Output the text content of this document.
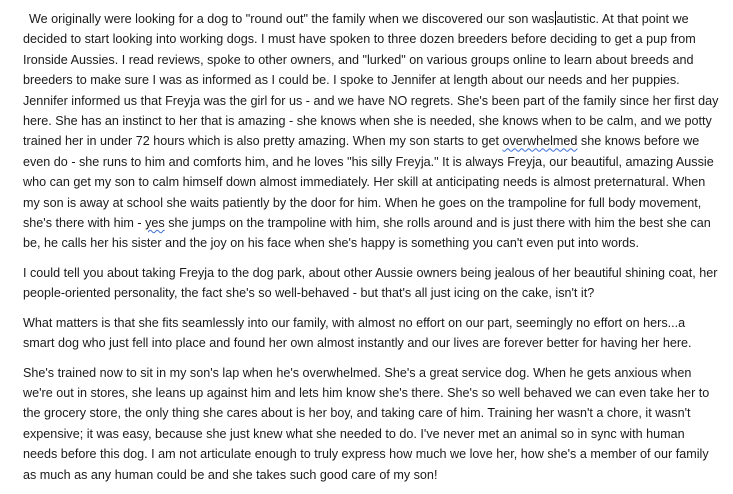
We originally were looking for a dog to "round out" the family when we discovered our son was autistic. At that point we decided to start looking into working dogs. I must have spoken to three dozen breeders before deciding to get a pup from Ironside Aussies. I read reviews, spoke to other owners, and "lurked" on various groups online to learn about breeds and breeders to make sure I was as informed as I could be. I spoke to Jennifer at length about our needs and her puppies. Jennifer informed us that Freyja was the girl for us - and we have NO regrets. She's been part of the family since her first day here. She has an instinct to her that is amazing - she knows when she is needed, she knows when to be calm, and we potty trained her in under 72 hours which is also pretty amazing. When my son starts to get overwhelmed she knows before we even do - she runs to him and comforts him, and he loves "his silly Freyja." It is always Freyja, our beautiful, amazing Aussie who can get my son to calm himself down almost immediately. Her skill at anticipating needs is almost preternatural. When my son is away at school she waits patiently by the door for him. When he goes on the trampoline for full body movement, she's there with him - yes she jumps on the trampoline with him, she rolls around and is just there with him the best she can be, he calls her his sister and the joy on his face when she's happy is something you can't even put into words.

I could tell you about taking Freyja to the dog park, about other Aussie owners being jealous of her beautiful shining coat, her people-oriented personality, the fact she's so well-behaved - but that's all just icing on the cake, isn't it?

What matters is that she fits seamlessly into our family, with almost no effort on our part, seemingly no effort on hers...a smart dog who just fell into place and found her own almost instantly and our lives are forever better for having her here.

She's trained now to sit in my son's lap when he's overwhelmed. She's a great service dog. When he gets anxious when we're out in stores, she leans up against him and lets him know she's there. She's so well behaved we can even take her to the grocery store, the only thing she cares about is her boy, and taking care of him. Training her wasn't a chore, it wasn't expensive; it was easy, because she just knew what she needed to do. I've never met an animal so in sync with human needs before this dog. I am not articulate enough to truly express how much we love her, how she's a member of our family as much as any human could be and she takes such good care of my son!
